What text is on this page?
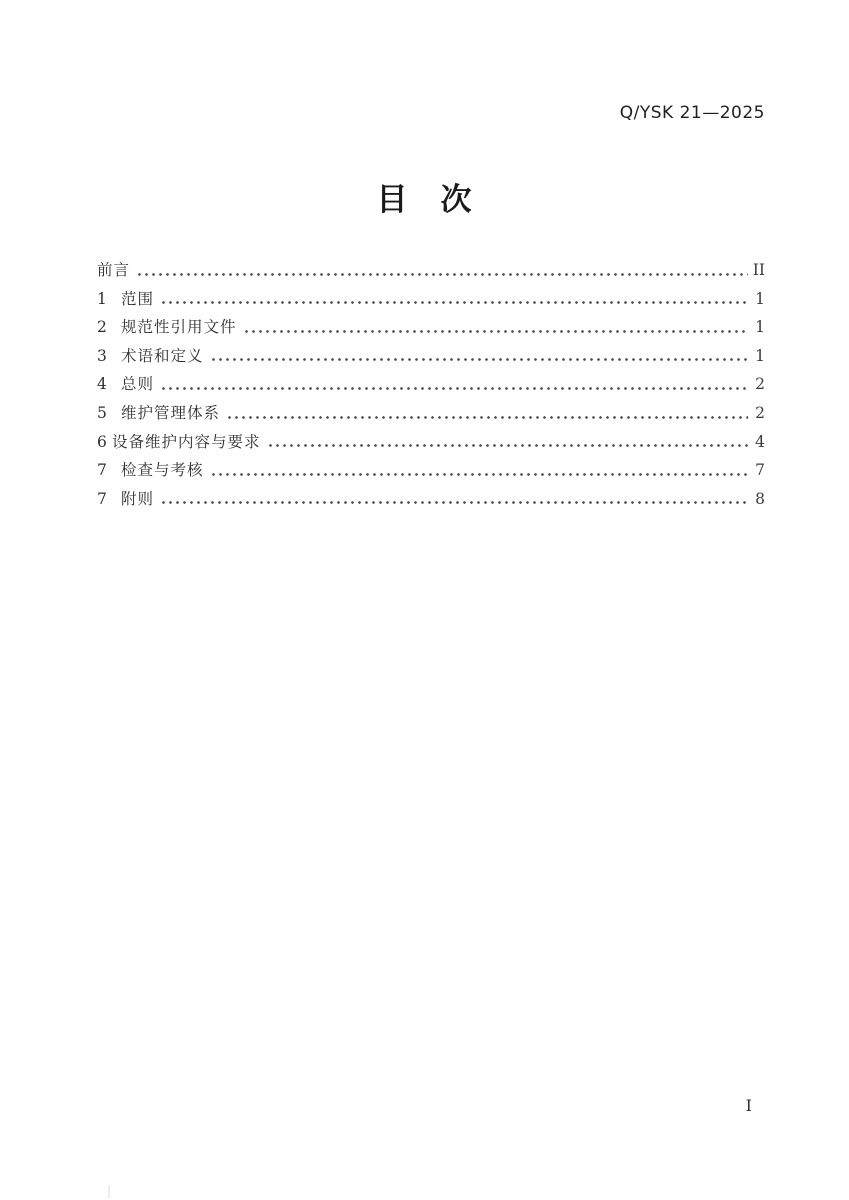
Q/YSK 21—2025
目　次
前言	II
1 范围	1
2 规范性引用文件	1
3 术语和定义	1
4 总则	2
5 维护管理体系	2
6 设备维护内容与要求	4
7 检查与考核	7
7 附则	8
I
